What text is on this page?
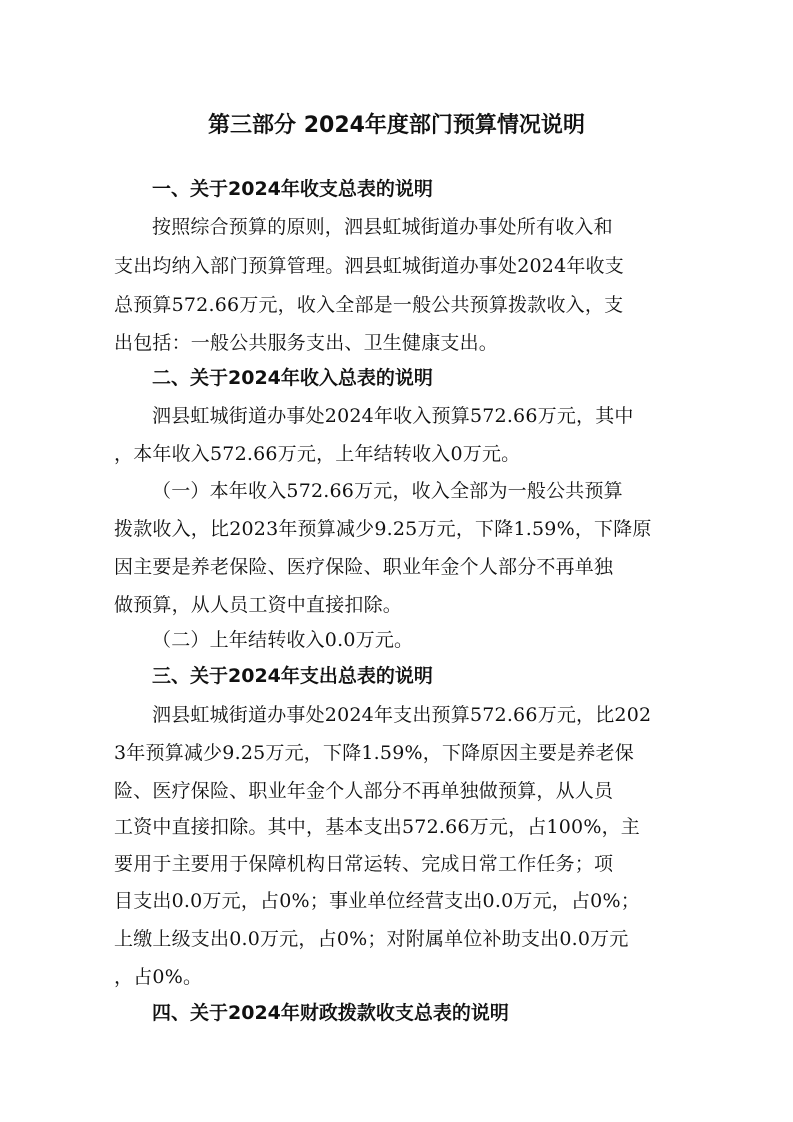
第三部分 2024年度部门预算情况说明
一、关于2024年收支总表的说明
按照综合预算的原则，泗县虹城街道办事处所有收入和
支出均纳入部门预算管理。泗县虹城街道办事处2024年收支
总预算572.66万元，收入全部是一般公共预算拨款收入，支
出包括：一般公共服务支出、卫生健康支出。
二、关于2024年收入总表的说明
泗县虹城街道办事处2024年收入预算572.66万元，其中
，本年收入572.66万元，上年结转收入0万元。
（一）本年收入572.66万元，收入全部为一般公共预算
拨款收入，比2023年预算减少9.25万元，下降1.59%，下降原
因主要是养老保险、医疗保险、职业年金个人部分不再单独
做预算，从人员工资中直接扣除。
（二）上年结转收入0.0万元。
三、关于2024年支出总表的说明
泗县虹城街道办事处2024年支出预算572.66万元，比202
3年预算减少9.25万元，下降1.59%，下降原因主要是养老保
险、医疗保险、职业年金个人部分不再单独做预算，从人员
工资中直接扣除。其中，基本支出572.66万元，占100%，主
要用于主要用于保障机构日常运转、完成日常工作任务；项
目支出0.0万元，占0%；事业单位经营支出0.0万元，占0%；
上缴上级支出0.0万元，占0%；对附属单位补助支出0.0万元
，占0%。
四、关于2024年财政拨款收支总表的说明
